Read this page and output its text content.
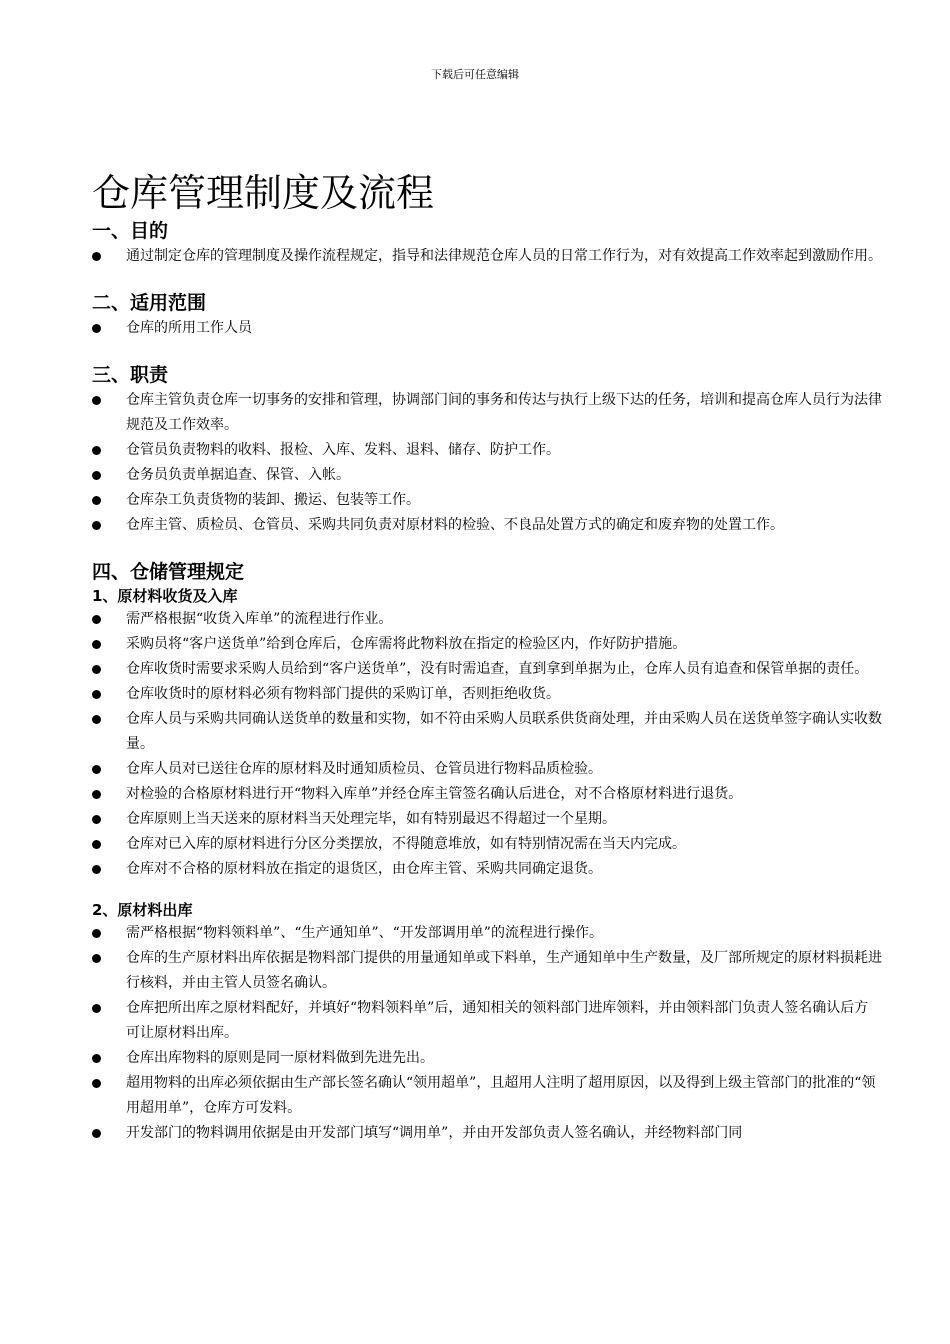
下载后可任意编辑
仓库管理制度及流程
一、目的
通过制定仓库的管理制度及操作流程规定，指导和法律规范仓库人员的日常工作行为，对有效提高工作效率起到激励作用。
二、适用范围
仓库的所用工作人员
三、职责
仓库主管负责仓库一切事务的安排和管理，协调部门间的事务和传达与执行上级下达的任务，培训和提高仓库人员行为法律规范及工作效率。
仓管员负责物料的收料、报检、入库、发料、退料、储存、防护工作。
仓务员负责单据追查、保管、入帐。
仓库杂工负责货物的装卸、搬运、包装等工作。
仓库主管、质检员、仓管员、采购共同负责对原材料的检验、不良品处置方式的确定和废弃物的处置工作。
四、仓储管理规定
1、原材料收货及入库
需严格根据“收货入库单”的流程进行作业。
采购员将“客户送货单”给到仓库后，仓库需将此物料放在指定的检验区内，作好防护措施。
仓库收货时需要求采购人员给到“客户送货单”，没有时需追查，直到拿到单据为止，仓库人员有追查和保管单据的责任。
仓库收货时的原材料必须有物料部门提供的采购订单，否则拒绝收货。
仓库人员与采购共同确认送货单的数量和实物，如不符由采购人员联系供货商处理，并由采购人员在送货单签字确认实收数量。
仓库人员对已送往仓库的原材料及时通知质检员、仓管员进行物料品质检验。
对检验的合格原材料进行开“物料入库单”并经仓库主管签名确认后进仓，对不合格原材料进行退货。
仓库原则上当天送来的原材料当天处理完毕，如有特别最迟不得超过一个星期。
仓库对已入库的原材料进行分区分类摆放，不得随意堆放，如有特别情况需在当天内完成。
仓库对不合格的原材料放在指定的退货区，由仓库主管、采购共同确定退货。
2、原材料出库
需严格根据“物料领料单”、“生产通知单”、“开发部调用单”的流程进行操作。
仓库的生产原材料出库依据是物料部门提供的用量通知单或下料单，生产通知单中生产数量，及厂部所规定的原材料损耗进行核料，并由主管人员签名确认。
仓库把所出库之原材料配好，并填好“物料领料单”后，通知相关的领料部门进库领料，并由领料部门负责人签名确认后方可让原材料出库。
仓库出库物料的原则是同一原材料做到先进先出。
超用物料的出库必须依据由生产部长签名确认“领用超单”，且超用人注明了超用原因，以及得到上级主管部门的批准的“领用超用单”，仓库方可发料。
开发部门的物料调用依据是由开发部门填写“调用单”，并由开发部负责人签名确认，并经物料部门同
